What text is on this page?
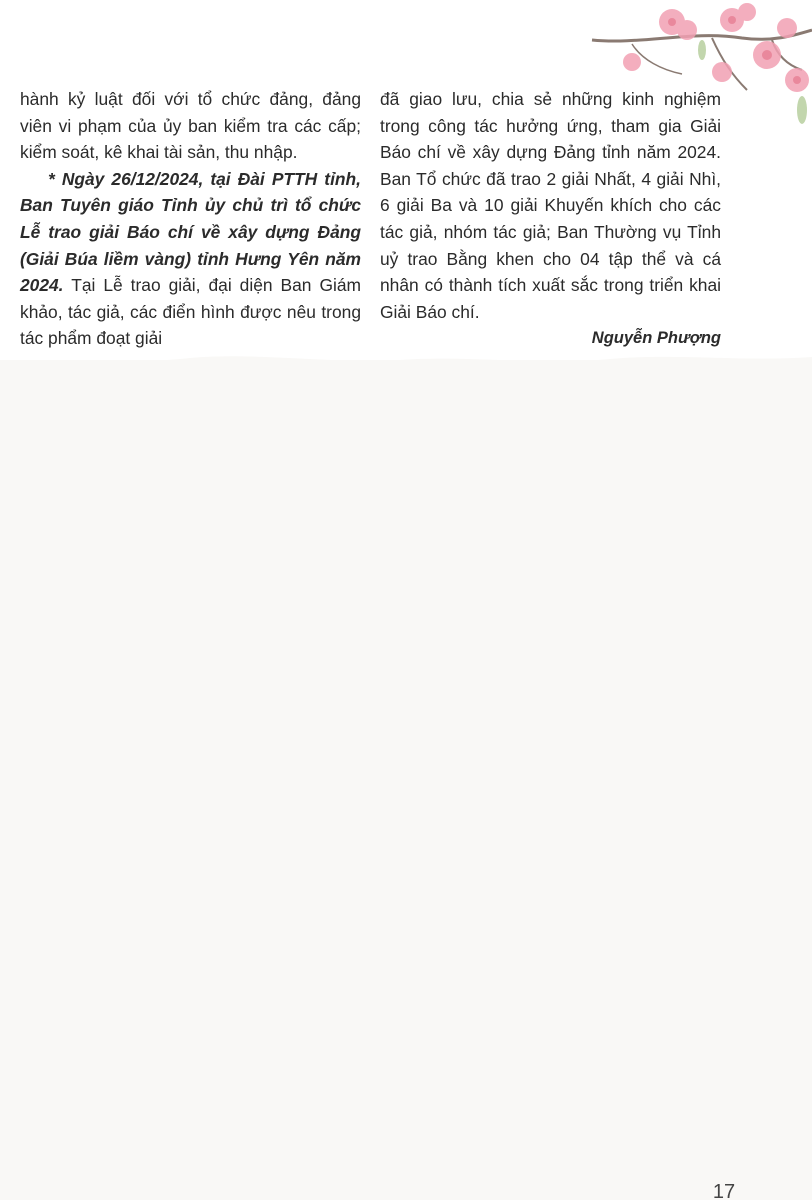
hành kỷ luật đối với tổ chức đảng, đảng viên vi phạm của ủy ban kiểm tra các cấp; kiểm soát, kê khai tài sản, thu nhập.

* Ngày 26/12/2024, tại Đài PTTH tỉnh, Ban Tuyên giáo Tỉnh ủy chủ trì tổ chức Lễ trao giải Báo chí về xây dựng Đảng (Giải Búa liềm vàng) tỉnh Hưng Yên năm 2024. Tại Lễ trao giải, đại diện Ban Giám khảo, tác giả, các điển hình được nêu trong tác phẩm đoạt giải

đã giao lưu, chia sẻ những kinh nghiệm trong công tác hưởng ứng, tham gia Giải Báo chí về xây dựng Đảng tỉnh năm 2024. Ban Tổ chức đã trao 2 giải Nhất, 4 giải Nhì, 6 giải Ba và 10 giải Khuyến khích cho các tác giả, nhóm tác giả; Ban Thường vụ Tỉnh uỷ trao Bằng khen cho 04 tập thể và cá nhân có thành tích xuất sắc trong triển khai Giải Báo chí.

Nguyễn Phượng

17
